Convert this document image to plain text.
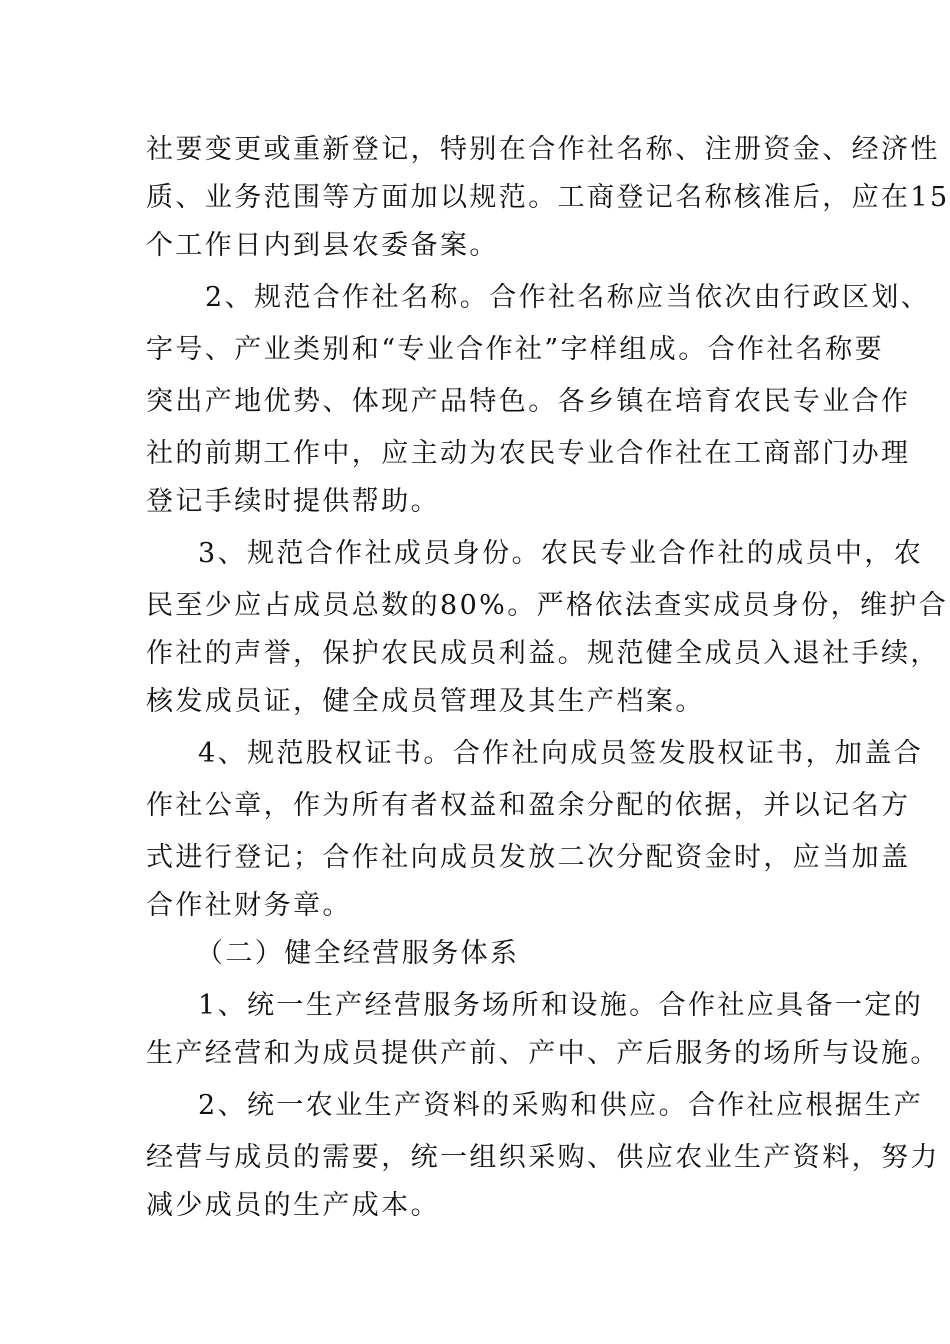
社要变更或重新登记，特别在合作社名称、注册资金、经济性
质、业务范围等方面加以规范。工商登记名称核准后，应在15
个工作日内到县农委备案。
2、规范合作社名称。合作社名称应当依次由行政区划、
字号、产业类别和“专业合作社”字样组成。合作社名称要
突出产地优势、体现产品特色。各乡镇在培育农民专业合作
社的前期工作中，应主动为农民专业合作社在工商部门办理
登记手续时提供帮助。
3、规范合作社成员身份。农民专业合作社的成员中，农
民至少应占成员总数的80%。严格依法查实成员身份，维护合
作社的声誉，保护农民成员利益。规范健全成员入退社手续，
核发成员证，健全成员管理及其生产档案。
4、规范股权证书。合作社向成员签发股权证书，加盖合
作社公章，作为所有者权益和盈余分配的依据，并以记名方
式进行登记；合作社向成员发放二次分配资金时，应当加盖
合作社财务章。
（二）健全经营服务体系
1、统一生产经营服务场所和设施。合作社应具备一定的
生产经营和为成员提供产前、产中、产后服务的场所与设施。
2、统一农业生产资料的采购和供应。合作社应根据生产
经营与成员的需要，统一组织采购、供应农业生产资料，努力
减少成员的生产成本。
